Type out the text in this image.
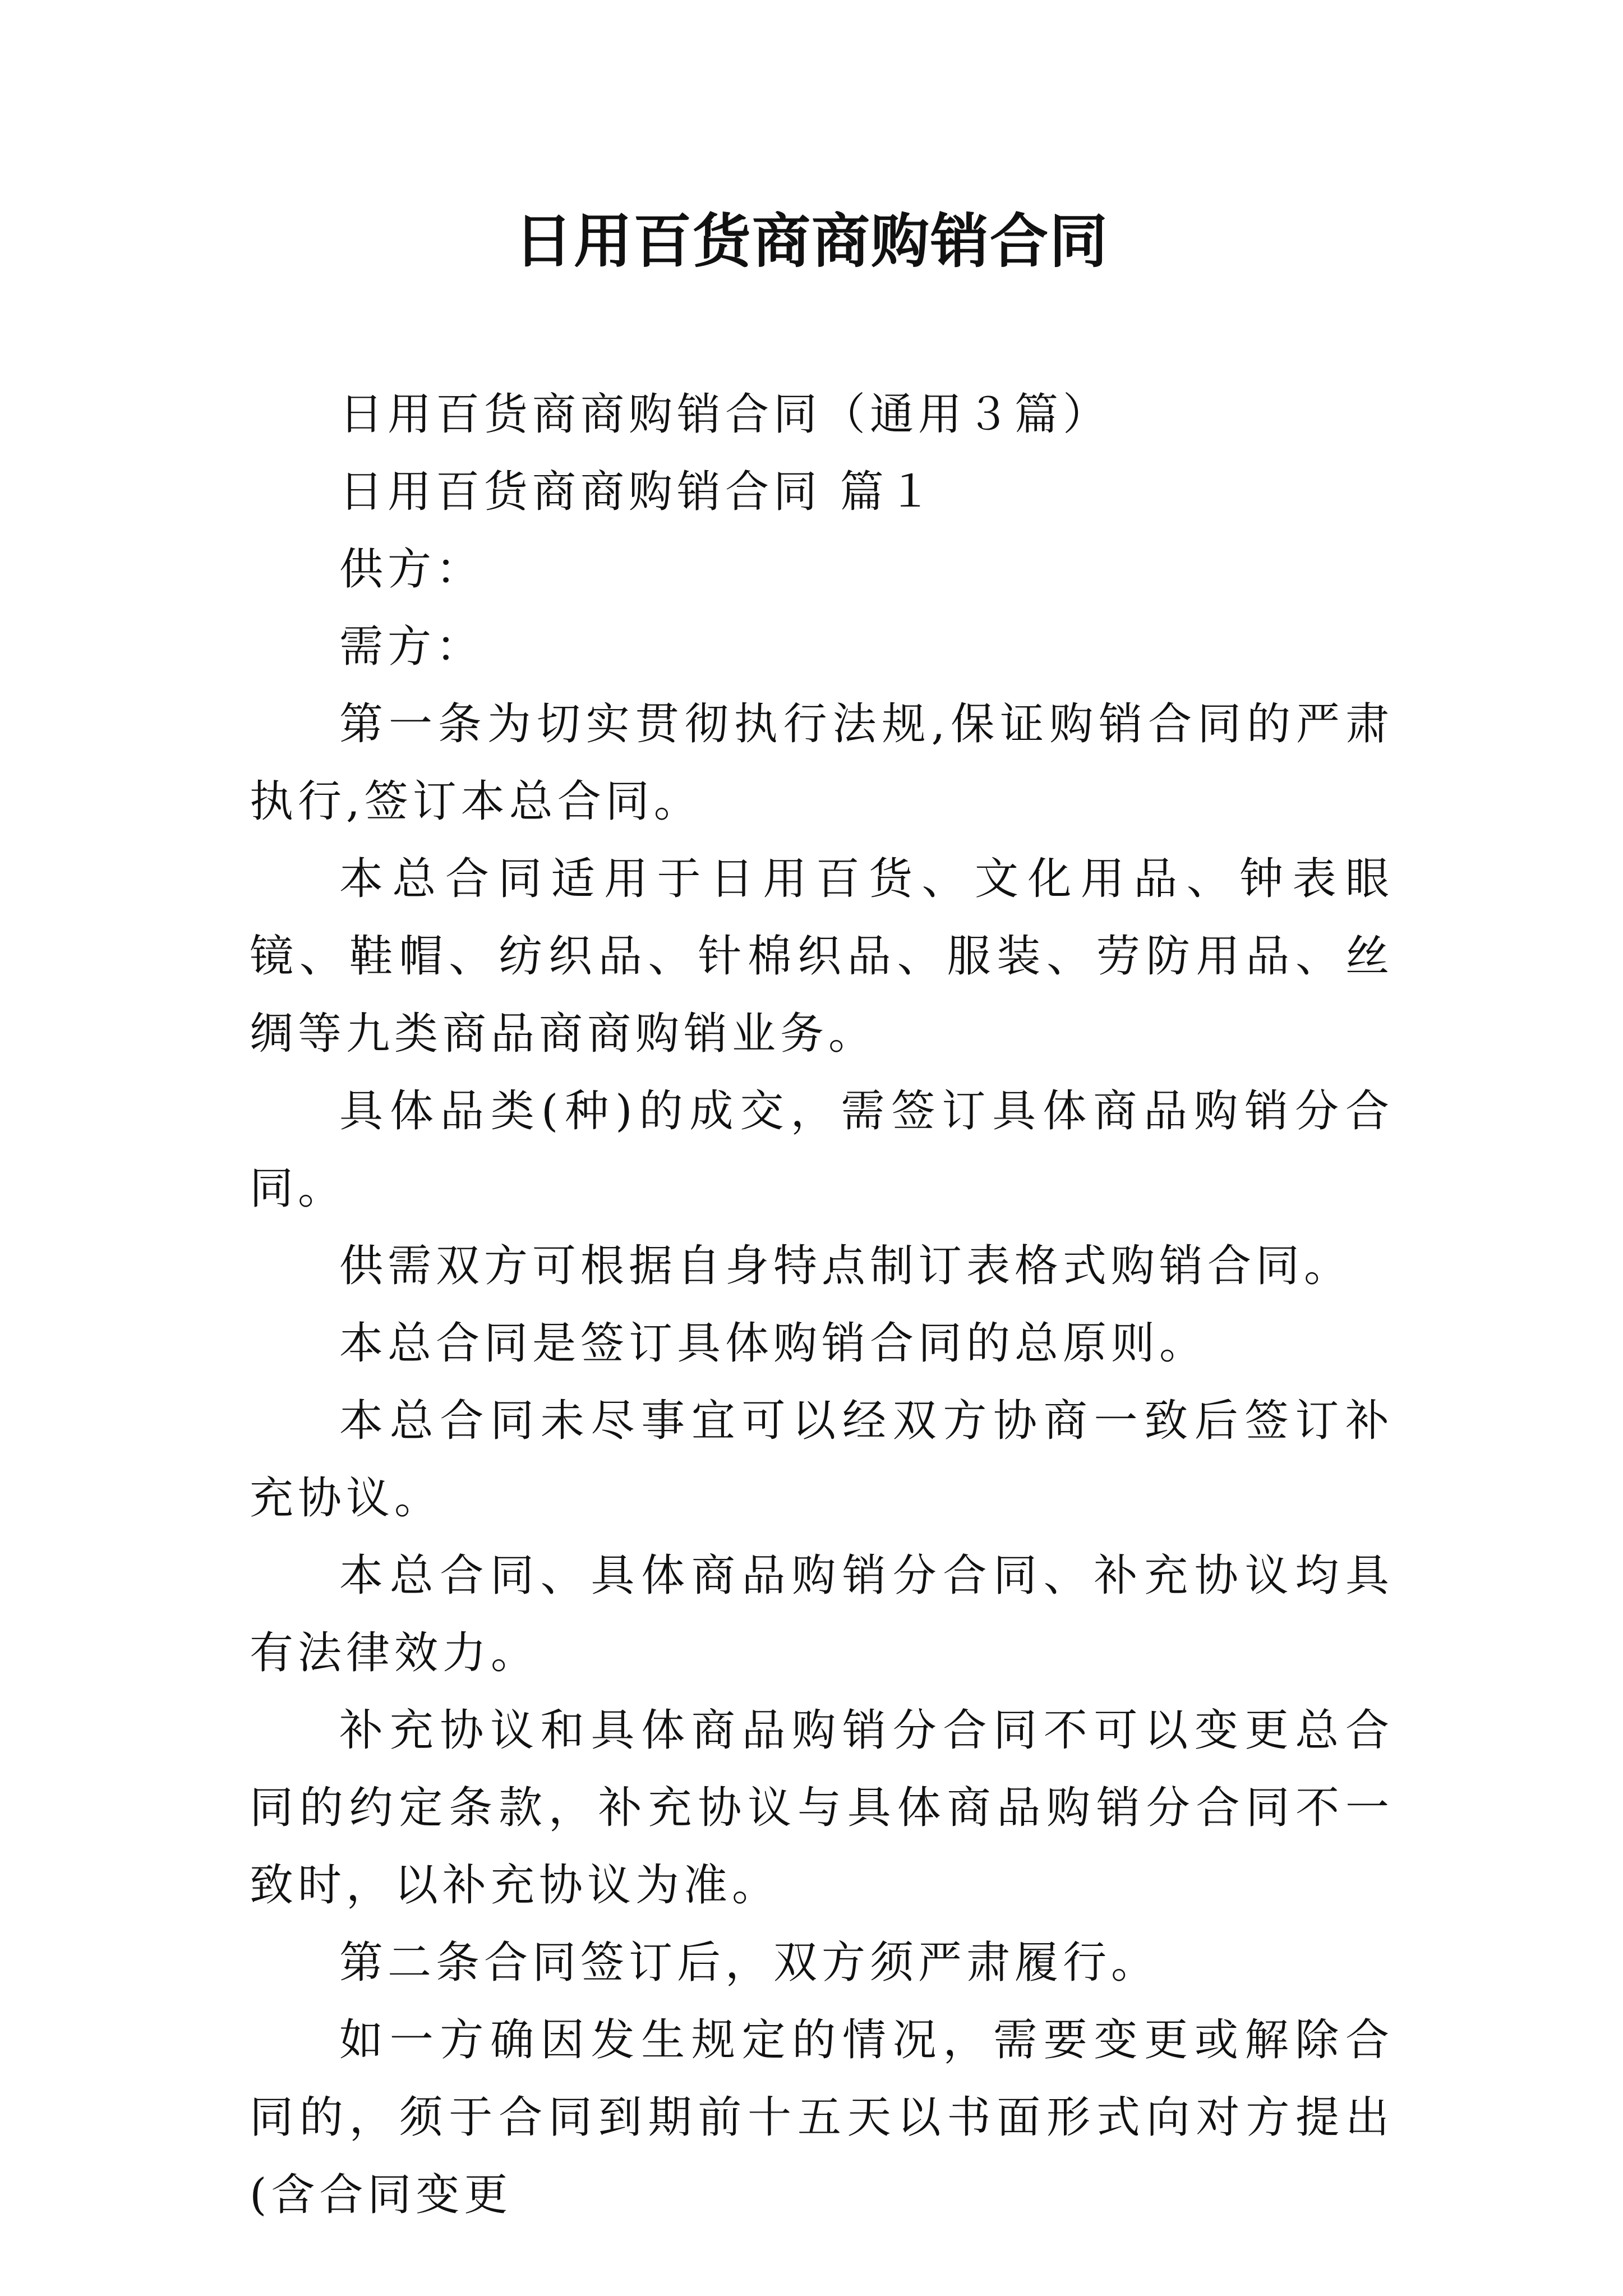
日用百货商商购销合同

日用百货商商购销合同（通用３篇）

日用百货商商购销合同 篇１

供方：

需方：

第一条为切实贯彻执行法规,保证购销合同的严肃执行,签订本总合同。

本总合同适用于日用百货、文化用品、钟表眼镜、鞋帽、纺织品、针棉织品、服装、劳防用品、丝绸等九类商品商商购销业务。

具体品类(种)的成交，需签订具体商品购销分合同。

供需双方可根据自身特点制订表格式购销合同。

本总合同是签订具体购销合同的总原则。

本总合同未尽事宜可以经双方协商一致后签订补充协议。

本总合同、具体商品购销分合同、补充协议均具有法律效力。

补充协议和具体商品购销分合同不可以变更总合同的约定条款，补充协议与具体商品购销分合同不一致时，以补充协议为准。

第二条合同签订后，双方须严肃履行。

如一方确因发生规定的情况，需要变更或解除合同的，须于合同到期前十五天以书面形式向对方提出(含合同变更
